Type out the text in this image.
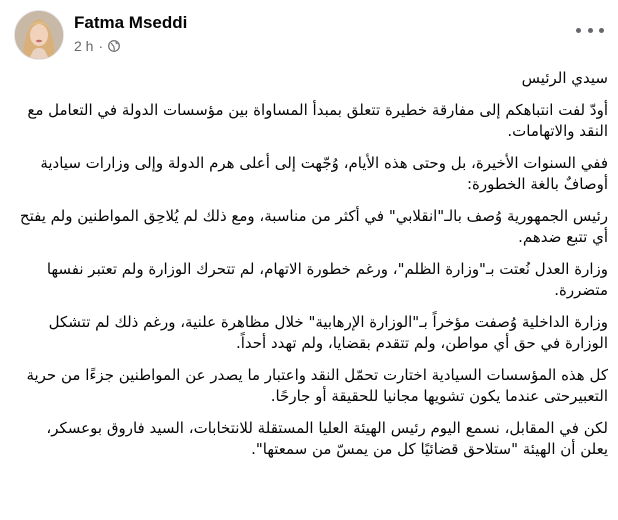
Fatma Mseddi
2 h ·

سيدي الرئيس

أودّ لفت انتباهكم إلى مفارقة خطيرة تتعلق بمبدأ المساواة بين مؤسسات الدولة في التعامل مع النقد والاتهامات.

ففي السنوات الأخيرة، بل وحتى هذه الأيام، وُجّهت إلى أعلى هرم الدولة وإلى وزارات سيادية أوصافٌ بالغة الخطورة:

رئيس الجمهورية وُصف بالـ"انقلابي" في أكثر من مناسبة، ومع ذلك لم يُلاحِق المواطنين ولم يفتح أي تتبع ضدهم.

وزارة العدل نُعتت بـ"وزارة الظلم"، ورغم خطورة الاتهام، لم تتحرك الوزارة ولم تعتبر نفسها متضررة.

وزارة الداخلية وُصفت مؤخراً بـ"الوزارة الإرهابية" خلال مظاهرة علنية، ورغم ذلك لم تتشكل الوزارة في حق أي مواطن، ولم تتقدم بقضايا، ولم تهدد أحداً.

كل هذه المؤسسات السيادية اختارت تحمّل النقد واعتبار ما يصدر عن المواطنين جزءًا من حرية التعبيرحتى عندما يكون تشويها مجانيا للحقيقة أو جارحًا.

لكن في المقابل، نسمع اليوم رئيس الهيئة العليا المستقلة للانتخابات، السيد فاروق بوعسكر، يعلن أن الهيئة "ستلاحق قضائيًا كل من يمسّ من سمعتها".
